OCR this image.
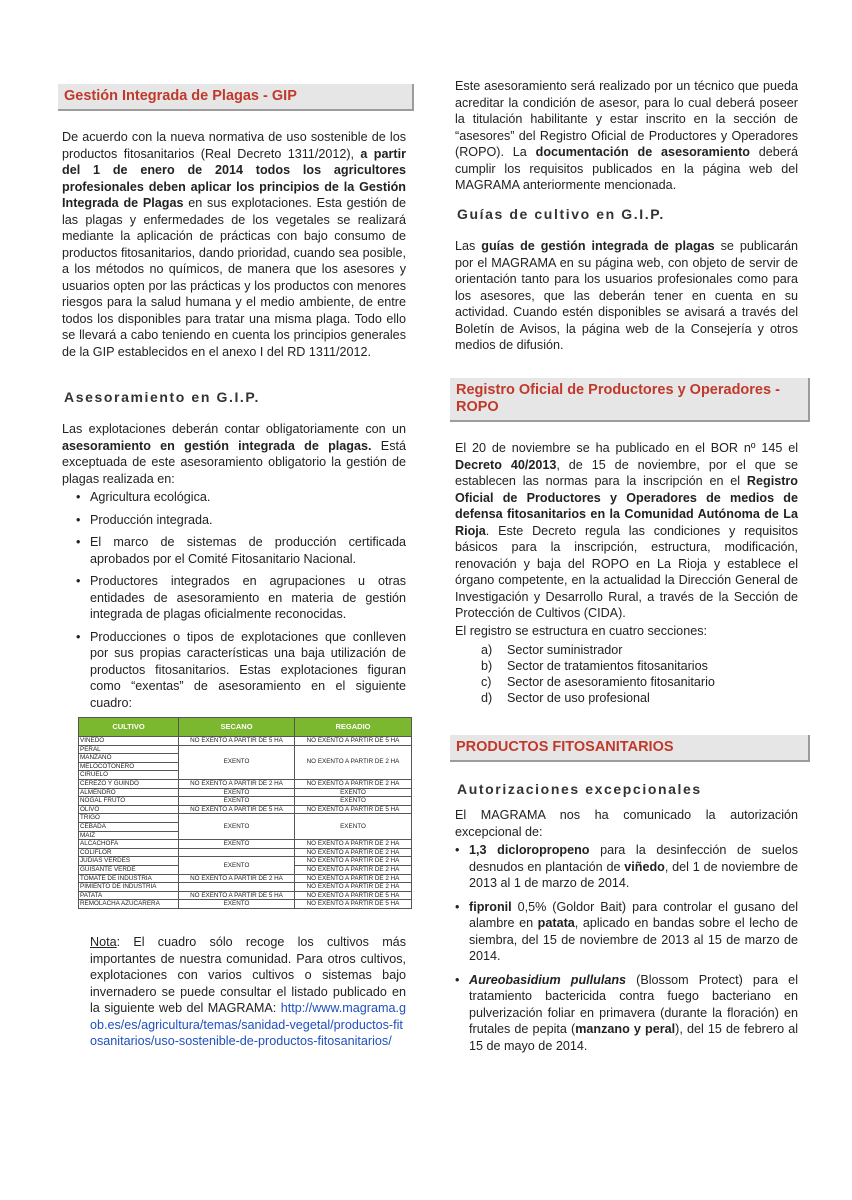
Gestión Integrada de Plagas - GIP

De acuerdo con la nueva normativa de uso sostenible de los productos fitosanitarios (Real Decreto 1311/2012), a partir del 1 de enero de 2014 todos los agricultores profesionales deben aplicar los principios de la Gestión Integrada de Plagas en sus explotaciones. Esta gestión de las plagas y enfermedades de los vegetales se realizará mediante la aplicación de prácticas con bajo consumo de productos fitosanitarios, dando prioridad, cuando sea posible, a los métodos no químicos, de manera que los asesores y usuarios opten por las prácticas y los productos con menores riesgos para la salud humana y el medio ambiente, de entre todos los disponibles para tratar una misma plaga. Todo ello se llevará a cabo teniendo en cuenta los principios generales de la GIP establecidos en el anexo I del RD 1311/2012.

Asesoramiento en G.I.P.

Las explotaciones deberán contar obligatoriamente con un asesoramiento en gestión integrada de plagas. Está exceptuada de este asesoramiento obligatorio la gestión de plagas realizada en:

• Agricultura ecológica.
• Producción integrada.
• El marco de sistemas de producción certificada aprobados por el Comité Fitosanitario Nacional.
• Productores integrados en agrupaciones u otras entidades de asesoramiento en materia de gestión integrada de plagas oficialmente reconocidas.
• Producciones o tipos de explotaciones que conlleven por sus propias características una baja utilización de productos fitosanitarios. Estas explotaciones figuran como “exentas” de asesoramiento en el siguiente cuadro:
CULTIVO	SECANO	REGADIO
VIÑEDO	NO EXENTO A PARTIR DE 5 HA	NO EXENTO A PARTIR DE 5 HA
PERAL	EXENTO	NO EXENTO A PARTIR DE 2 HA
MANZANO		
MELOCOTONERO		
CIRUELO		
CEREZO Y GUINDO	NO EXENTO A PARTIR DE 2 HA	NO EXENTO A PARTIR DE 2 HA
ALMENDRO	EXENTO	EXENTO
NOGAL FRUTO	EXENTO	EXENTO
OLIVO	NO EXENTO A PARTIR DE 5 HA	NO EXENTO A PARTIR DE 5 HA
TRIGO	EXENTO	EXENTO
CEBADA		
MAIZ		
ALCACHOFA	EXENTO	NO EXENTO A PARTIR DE 2 HA
COLIFLOR		NO EXENTO A PARTIR DE 2 HA
JUDIAS VERDES	EXENTO	NO EXENTO A PARTIR DE 2 HA
GUISANTE VERDE		NO EXENTO A PARTIR DE 2 HA
TOMATE DE INDUSTRIA	NO EXENTO A PARTIR DE 2 HA	NO EXENTO A PARTIR DE 2 HA
PIMIENTO DE INDUSTRIA		NO EXENTO A PARTIR DE 2 HA
PATATA	NO EXENTO A PARTIR DE 5 HA	NO EXENTO A PARTIR DE 5 HA
REMOLACHA AZUCARERA	EXENTO	NO EXENTO A PARTIR DE 5 HA
Nota: El cuadro sólo recoge los cultivos más importantes de nuestra comunidad. Para otros cultivos, explotaciones con varios cultivos o sistemas bajo invernadero se puede consultar el listado publicado en la siguiente web del MAGRAMA: http://www.magrama.gob.es/es/agricultura/temas/sanidad-vegetal/productos-fitosanitarios/uso-sostenible-de-productos-fitosanitarios/

Este asesoramiento será realizado por un técnico que pueda acreditar la condición de asesor, para lo cual deberá poseer la titulación habilitante y estar inscrito en la sección de “asesores” del Registro Oficial de Productores y Operadores (ROPO). La documentación de asesoramiento deberá cumplir los requisitos publicados en la página web del MAGRAMA anteriormente mencionada.

Guías de cultivo en G.I.P.

Las guías de gestión integrada de plagas se publicarán por el MAGRAMA en su página web, con objeto de servir de orientación tanto para los usuarios profesionales como para los asesores, que las deberán tener en cuenta en su actividad. Cuando estén disponibles se avisará a través del Boletín de Avisos, la página web de la Consejería y otros medios de difusión.

Registro Oficial de Productores y Operadores - ROPO

El 20 de noviembre se ha publicado en el BOR nº 145 el Decreto 40/2013, de 15 de noviembre, por el que se establecen las normas para la inscripción en el Registro Oficial de Productores y Operadores de medios de defensa fitosanitarios en la Comunidad Autónoma de La Rioja. Este Decreto regula las condiciones y requisitos básicos para la inscripción, estructura, modificación, renovación y baja del ROPO en La Rioja y establece el órgano competente, en la actualidad la Dirección General de Investigación y Desarrollo Rural, a través de la Sección de Protección de Cultivos (CIDA).

El registro se estructura en cuatro secciones:

a)	Sector suministrador
b)	Sector de tratamientos fitosanitarios
c)	Sector de asesoramiento fitosanitario
d)	Sector de uso profesional
PRODUCTOS FITOSANITARIOS
Autorizaciones excepcionales

El MAGRAMA nos ha comunicado la autorización excepcional de:

• 1,3 dicloropropeno para la desinfección de suelos desnudos en plantación de viñedo, del 1 de noviembre de 2013 al 1 de marzo de 2014.
• fipronil 0,5% (Goldor Bait) para controlar el gusano del alambre en patata, aplicado en bandas sobre el lecho de siembra, del 15 de noviembre de 2013 al 15 de marzo de 2014.
• Aureobasidium pullulans (Blossom Protect) para el tratamiento bactericida contra fuego bacteriano en pulverización foliar en primavera (durante la floración) en frutales de pepita (manzano y peral), del 15 de febrero al 15 de mayo de 2014.
